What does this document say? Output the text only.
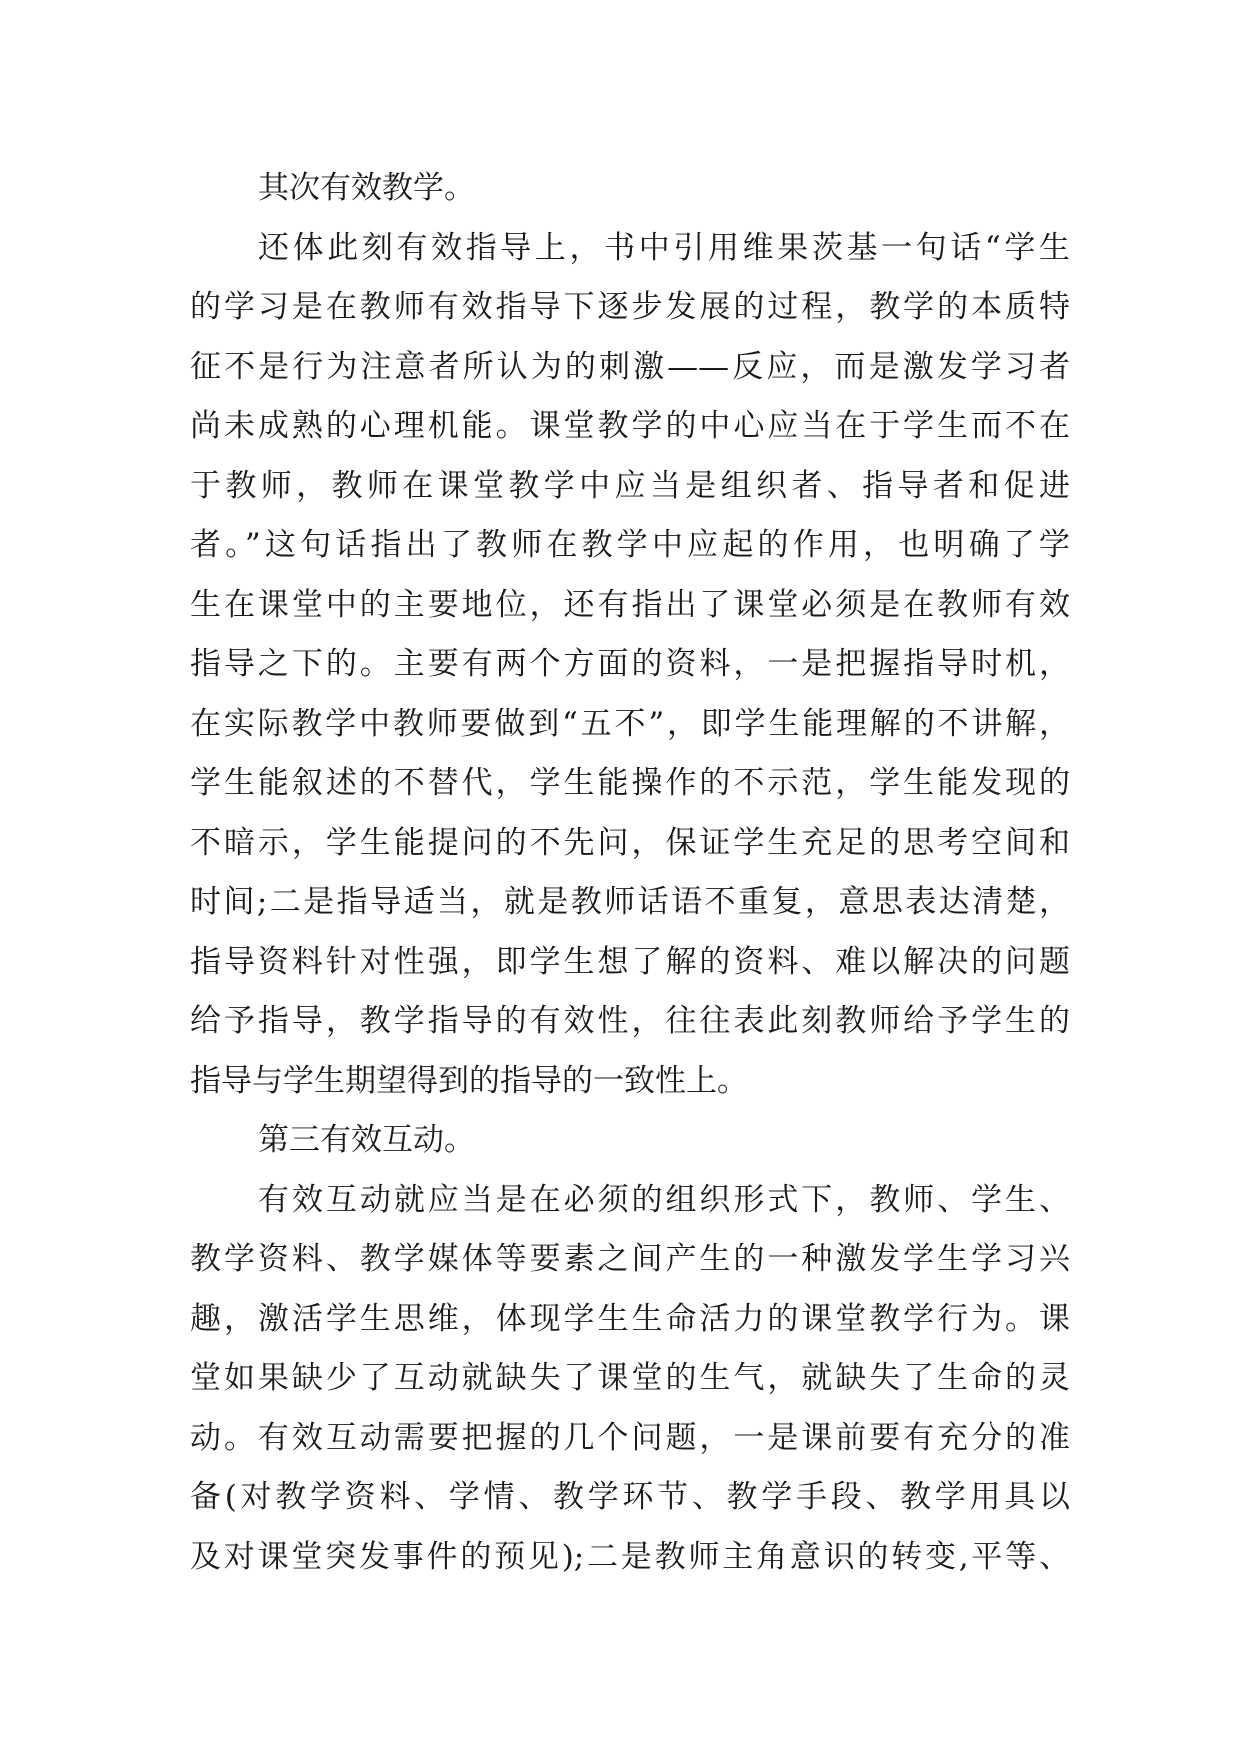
其次有效教学。
还体此刻有效指导上，书中引用维果茨基一句话“学生
的学习是在教师有效指导下逐步发展的过程，教学的本质特
征不是行为注意者所认为的刺激——反应，而是激发学习者
尚未成熟的心理机能。课堂教学的中心应当在于学生而不在
于教师，教师在课堂教学中应当是组织者、指导者和促进
者。”这句话指出了教师在教学中应起的作用，也明确了学
生在课堂中的主要地位，还有指出了课堂必须是在教师有效
指导之下的。主要有两个方面的资料，一是把握指导时机，
在实际教学中教师要做到“五不”，即学生能理解的不讲解，
学生能叙述的不替代，学生能操作的不示范，学生能发现的
不暗示，学生能提问的不先问，保证学生充足的思考空间和
时间;二是指导适当，就是教师话语不重复，意思表达清楚，
指导资料针对性强，即学生想了解的资料、难以解决的问题
给予指导，教学指导的有效性，往往表此刻教师给予学生的
指导与学生期望得到的指导的一致性上。
第三有效互动。
有效互动就应当是在必须的组织形式下，教师、学生、
教学资料、教学媒体等要素之间产生的一种激发学生学习兴
趣，激活学生思维，体现学生生命活力的课堂教学行为。课
堂如果缺少了互动就缺失了课堂的生气，就缺失了生命的灵
动。有效互动需要把握的几个问题，一是课前要有充分的准
备(对教学资料、学情、教学环节、教学手段、教学用具以
及对课堂突发事件的预见);二是教师主角意识的转变,平等、
